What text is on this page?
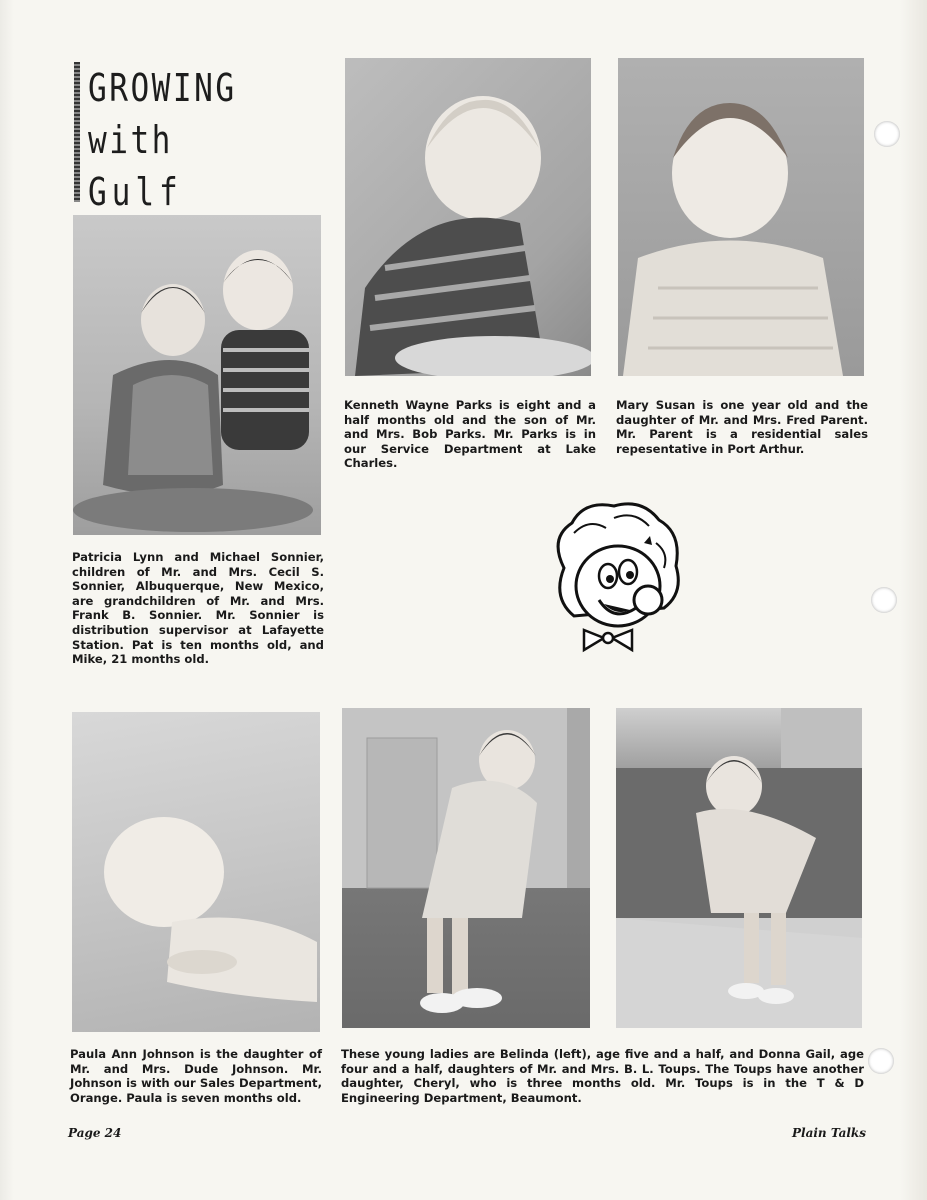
GROWING with
Gulf
Patricia Lynn and Michael Sonnier, children of Mr. and Mrs. Cecil S. Sonnier, Albuquerque, New Mexico, are grandchildren of Mr. and Mrs. Frank B. Sonnier. Mr. Sonnier is distribution supervisor at Lafayette Station. Pat is ten months old, and Mike, 21 months old.
Kenneth Wayne Parks is eight and a half months old and the son of Mr. and Mrs. Bob Parks. Mr. Parks is in our Service Department at Lake Charles.
Mary Susan is one year old and the daughter of Mr. and Mrs. Fred Parent. Mr. Parent is a residential sales repesentative in Port Arthur.
Paula Ann Johnson is the daughter of Mr. and Mrs. Dude Johnson. Mr. Johnson is with our Sales Department, Orange. Paula is seven months old.
These young ladies are Belinda (left), age five and a half, and Donna Gail, age four and a half, daughters of Mr. and Mrs. B. L. Toups. The Toups have another daughter, Cheryl, who is three months old. Mr. Toups is in the T & D Engineering Department, Beaumont.
Page 24	Plain Talks
